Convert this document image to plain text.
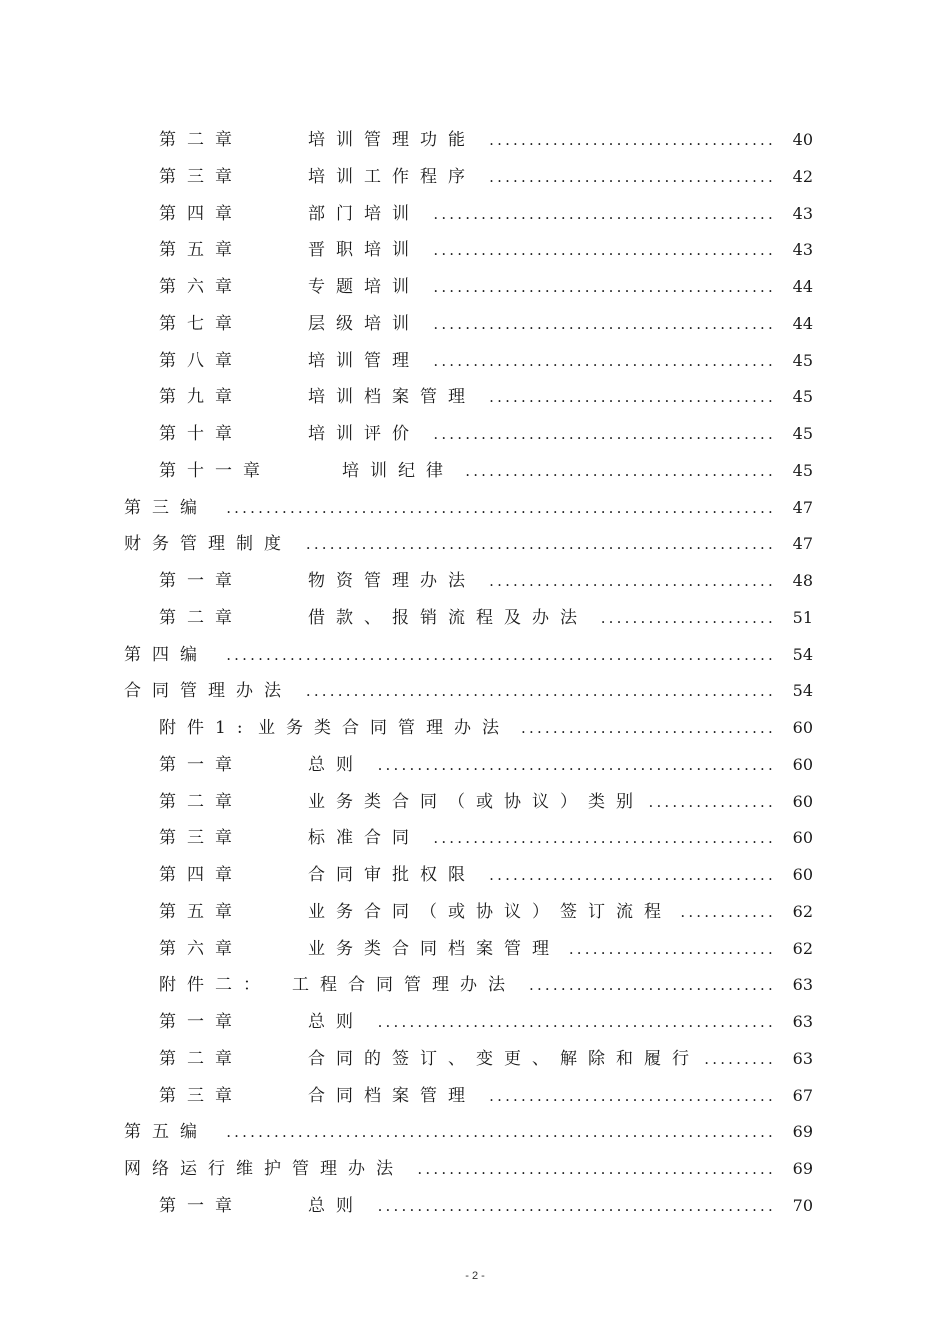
第二章	培训管理功能 ....................................	40
第三章	培训工作程序 ....................................	42
第四章	部门培训 ...........................................	43
第五章	晋职培训 ...........................................	43
第六章	专题培训 ...........................................	44
第七章	层级培训 ...........................................	44
第八章	培训管理 ...........................................	45
第九章	培训档案管理 ....................................	45
第十章	培训评价 ...........................................	45
第十一章	培训纪律 .......................................	45
第三编	.....................................................................	47
财务管理制度 ...........................................................	47
第一章	物资管理办法 ....................................	48
第二章	借款、报销流程及办法 ......................	51
第四编	.....................................................................	54
合同管理办法 ...........................................................	54
附件1: 业务类合同管理办法 ................................	60
第一章	总则 ..................................................	60
第二章	业务类合同（或协议）类别 ................	60
第三章	标准合同 ...........................................	60
第四章	合同审批权限 ....................................	60
第五章	业务合同（或协议）签订流程 ............	62
第六章	业务类合同档案管理 ..........................	62
附件二： 工程合同管理办法 ...............................	63
第一章	总则 ..................................................	63
第二章	合同的签订、变更、解除和履行 .........	63
第三章	合同档案管理 ....................................	67
第五编	.....................................................................	69
网络运行维护管理办法 .............................................	69
第一章	总则 ..................................................	70
- 2 -
